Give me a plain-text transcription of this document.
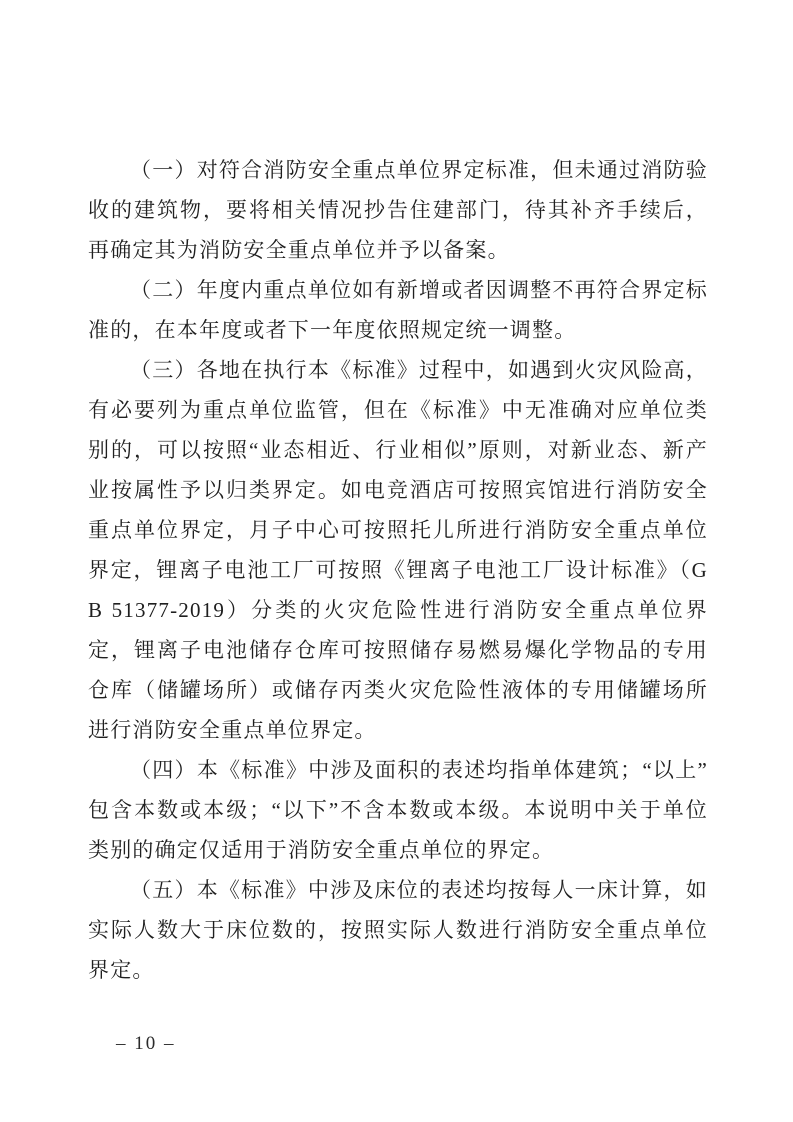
（一）对符合消防安全重点单位界定标准，但未通过消防验收的建筑物，要将相关情况抄告住建部门，待其补齐手续后，再确定其为消防安全重点单位并予以备案。

（二）年度内重点单位如有新增或者因调整不再符合界定标准的，在本年度或者下一年度依照规定统一调整。

（三）各地在执行本《标准》过程中，如遇到火灾风险高，有必要列为重点单位监管，但在《标准》中无准确对应单位类别的，可以按照“业态相近、行业相似”原则，对新业态、新产业按属性予以归类界定。如电竞酒店可按照宾馆进行消防安全重点单位界定，月子中心可按照托儿所进行消防安全重点单位界定，锂离子电池工厂可按照《锂离子电池工厂设计标准》（GB 51377-2019）分类的火灾危险性进行消防安全重点单位界定，锂离子电池储存仓库可按照储存易燃易爆化学物品的专用仓库（储罐场所）或储存丙类火灾危险性液体的专用储罐场所进行消防安全重点单位界定。

（四）本《标准》中涉及面积的表述均指单体建筑；“以上”包含本数或本级；“以下”不含本数或本级。本说明中关于单位类别的确定仅适用于消防安全重点单位的界定。

（五）本《标准》中涉及床位的表述均按每人一床计算，如实际人数大于床位数的，按照实际人数进行消防安全重点单位界定。

– 10 –
